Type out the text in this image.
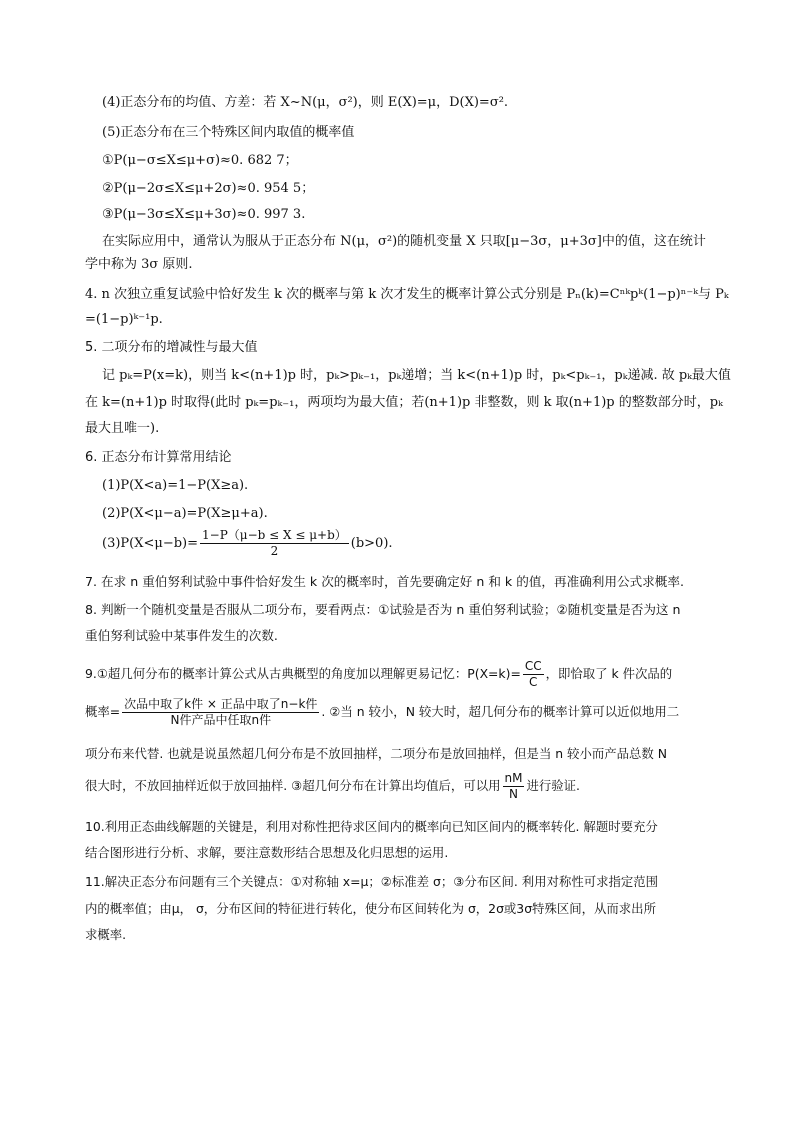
(4)正态分布的均值、方差：若 X~N(μ，σ²)，则 E(X)=μ，D(X)=σ².
(5)正态分布在三个特殊区间内取值的概率值
①P(μ−σ≤X≤μ+σ)≈0. 682 7；
②P(μ−2σ≤X≤μ+2σ)≈0. 954 5；
③P(μ−3σ≤X≤μ+3σ)≈0. 997 3.
在实际应用中，通常认为服从于正态分布 N(μ，σ²)的随机变量 X 只取[μ−3σ，μ+3σ]中的值，这在统计
学中称为 3σ 原则.
4. n 次独立重复试验中恰好发生 k 次的概率与第 k 次才发生的概率计算公式分别是 Pₙ(k)=Cⁿᵏpᵏ(1−p)ⁿ⁻ᵏ与 Pₖ
=(1−p)ᵏ⁻¹p.
5. 二项分布的增减性与最大值
记 pₖ=P(x=k)，则当 k<(n+1)p 时，pₖ>pₖ₋₁，pₖ递增；当 k<(n+1)p 时，pₖ<pₖ₋₁，pₖ递减. 故 pₖ最大值
在 k=(n+1)p 时取得(此时 pₖ=pₖ₋₁，两项均为最大值；若(n+1)p 非整数，则 k 取(n+1)p 的整数部分时，pₖ
最大且唯一).
6. 正态分布计算常用结论
(1)P(X<a)=1−P(X≥a).
(2)P(X<μ−a)=P(X≥μ+a).
$(3)P(X<\mu-b)= \frac{1-P(\mu-b \le X \le \mu+b)}{2} (b>0)$.
7. 在求 n 重伯努利试验中事件恰好发生 k 次的概率时，首先要确定好 n 和 k 的值，再准确利用公式求概率.
8. 判断一个随机变量是否服从二项分布，要看两点：①试验是否为 n 重伯努利试验；②随机变量是否为这 n
重伯努利试验中某事件发生的次数.
9.①超几何分布的概率计算公式从古典概型的角度加以理解更易记忆：$P(X=k)= \frac{CC}{C}$ ，即恰取了 k 件次品的
概率= $\frac{\text{次品中取了k件 × 正品中取了n−k件}}{\text{N件产品中任取n件}}$ . ②当 n 较小，N 较大时，超几何分布的概率计算可以近似地用二
项分布来代替. 也就是说虽然超几何分布是不放回抽样，二项分布是放回抽样，但是当 n 较小而产品总数 N
很大时，不放回抽样近似于放回抽样. ③超几何分布在计算出均值后，可以用 $\frac{nM}{N}$ 进行验证.
10.利用正态曲线解题的关键是，利用对称性把待求区间内的概率向已知区间内的概率转化. 解题时要充分
结合图形进行分析、求解，要注意数形结合思想及化归思想的运用.
11.解决正态分布问题有三个关键点：①对称轴 x=μ；②标准差 σ；③分布区间. 利用对称性可求指定范围
内的概率值；由μ， σ，分布区间的特征进行转化，使分布区间转化为 σ，2σ或3σ特殊区间，从而求出所
求概率.
